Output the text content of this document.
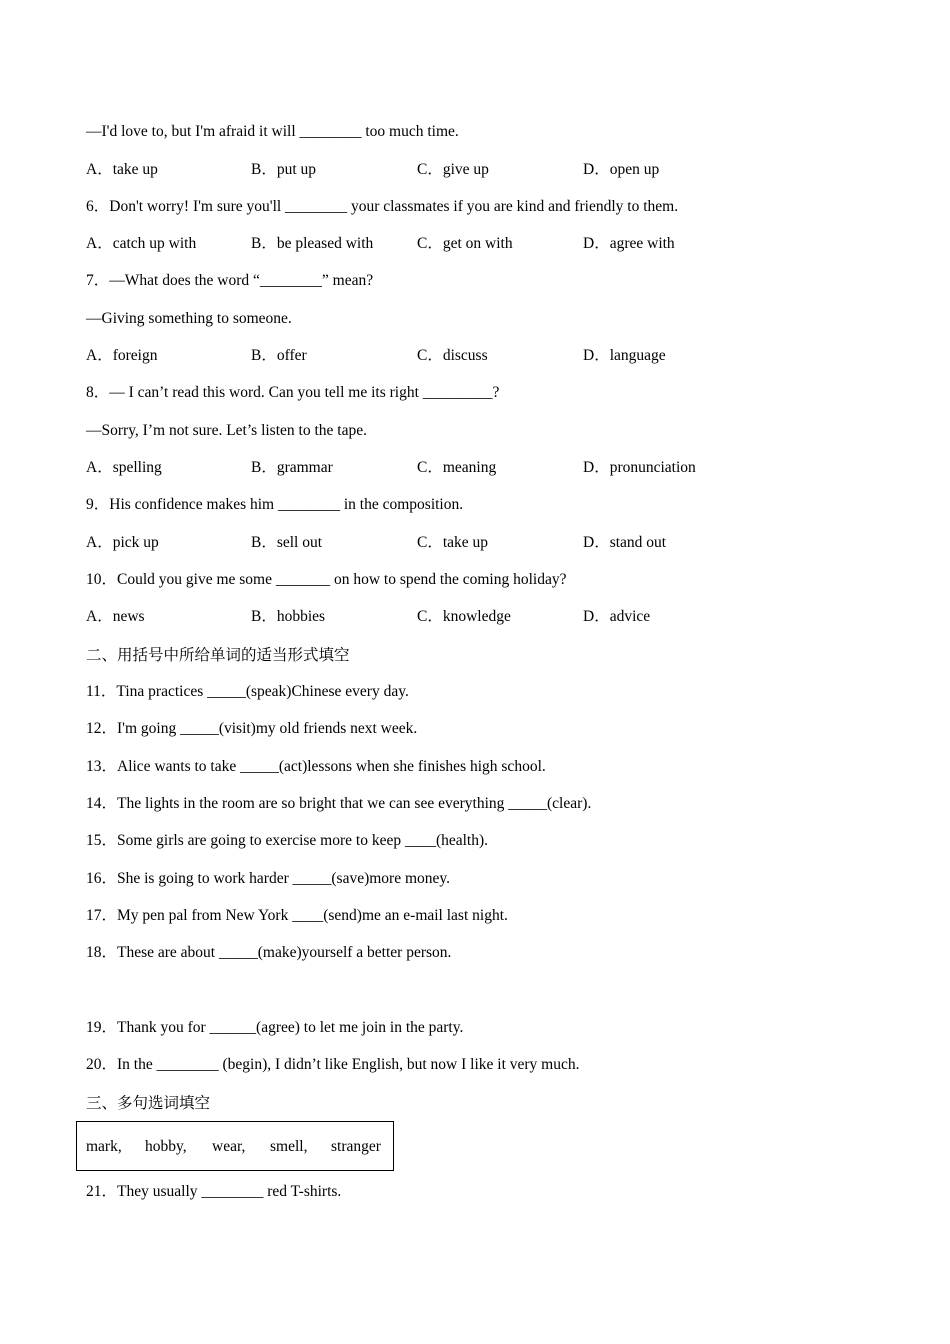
—I'd love to, but I'm afraid it will ________ too much time.
A．take up	B．put up	C．give up	D．open up
6．Don't worry! I'm sure you'll ________ your classmates if you are kind and friendly to them.
A．catch up with	B．be pleased with	C．get on with	D．agree with
7．—What does the word “________” mean?
—Giving something to someone.
A．foreign	B．offer	C．discuss	D．language
8．— I can’t read this word. Can you tell me its right _________?
—Sorry, I’m not sure. Let’s listen to the tape.
A．spelling	B．grammar	C．meaning	D．pronunciation
9．His confidence makes him ________ in the composition.
A．pick up	B．sell out	C．take up	D．stand out
10．Could you give me some _______ on how to spend the coming holiday?
A．news	B．hobbies	C．knowledge	D．advice
二、用括号中所给单词的适当形式填空
11．Tina practices _____(speak)Chinese every day.
12．I'm going _____(visit)my old friends next week.
13．Alice wants to take _____(act)lessons when she finishes high school.
14．The lights in the room are so bright that we can see everything _____(clear).
15．Some girls are going to exercise more to keep ____(health).
16．She is going to work harder _____(save)more money.
17．My pen pal from New York ____(send)me an e-mail last night.
18．These are about _____(make)yourself a better person.
19．Thank you for ______(agree) to let me join in the party.
20．In the ________ (begin), I didn’t like English, but now I like it very much.
三、多句选词填空
mark, hobby, wear, smell, stranger
21．They usually ________ red T-shirts.
